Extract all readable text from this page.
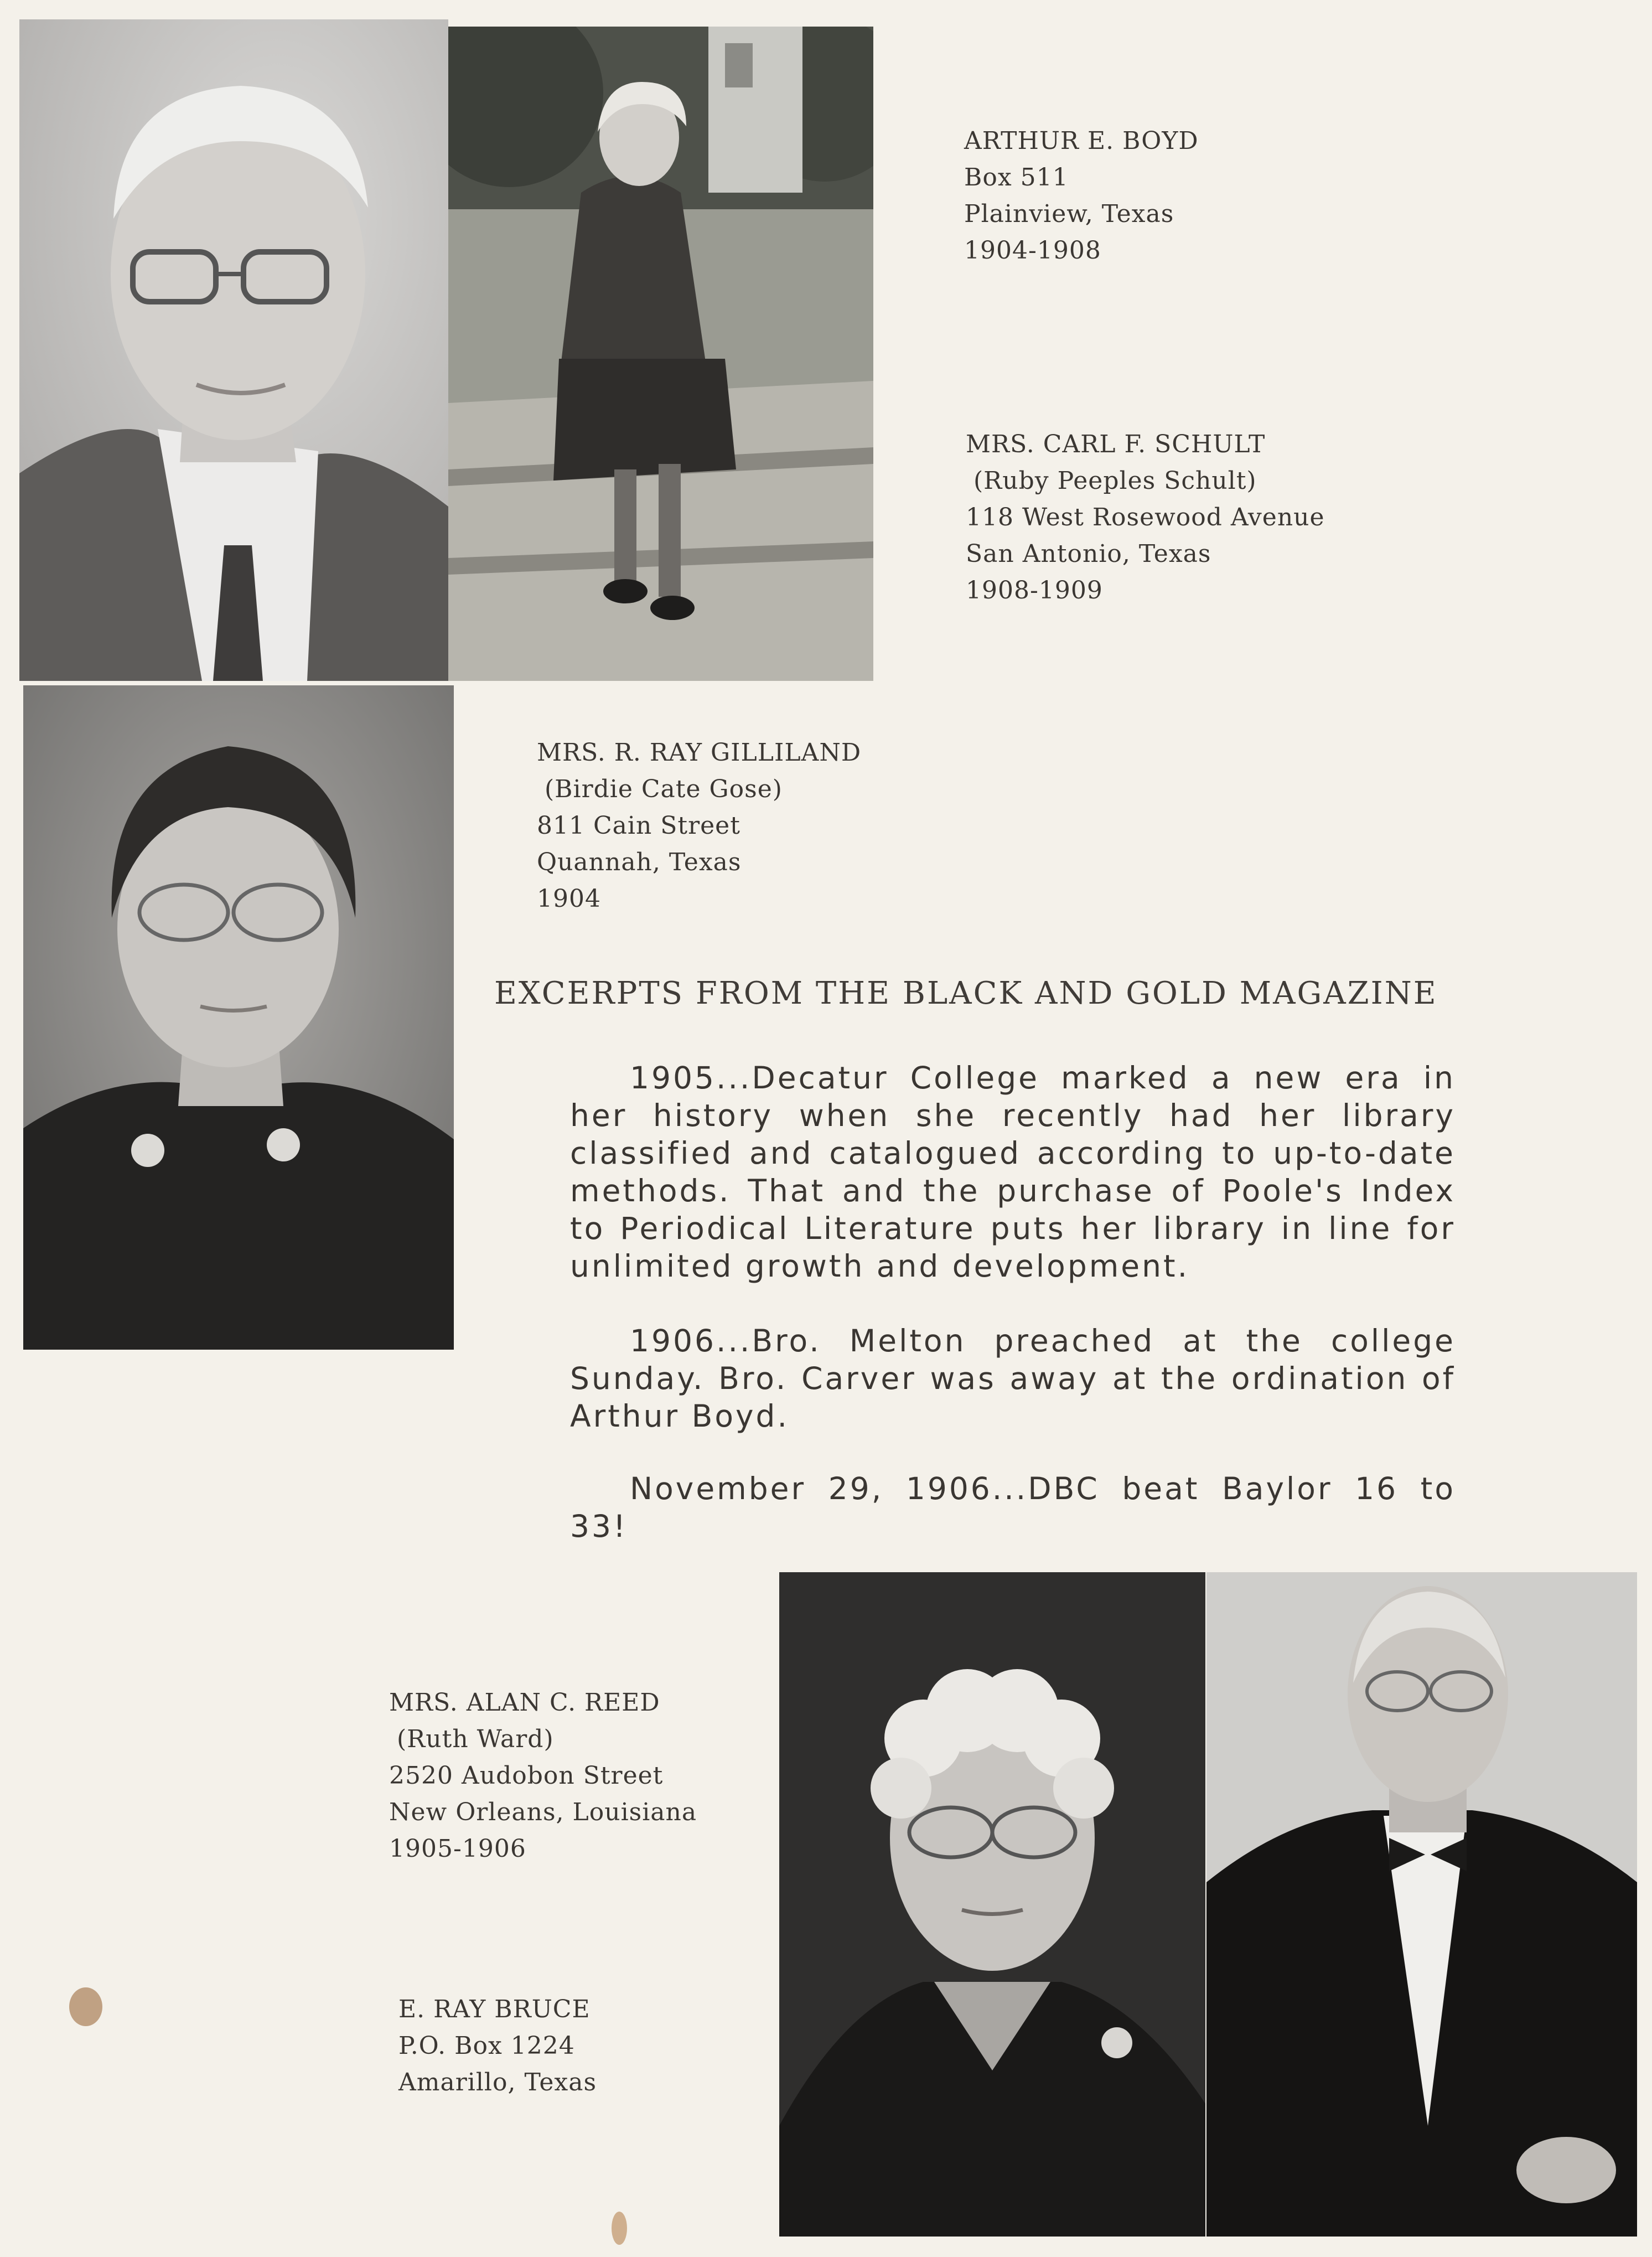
ARTHUR E. BOYD
Box 511
Plainview, Texas
1904-1908
MRS. CARL F. SCHULT
(Ruby Peeples Schult)
118 West Rosewood Avenue
San Antonio, Texas
1908-1909
MRS. R. RAY GILLILAND
(Birdie Cate Gose)
811 Cain Street
Quannah, Texas
1904
EXCERPTS FROM THE BLACK AND GOLD MAGAZINE

1905...Decatur College marked a new era in her history when she recently had her library classified and catalogued according to up-to-date methods. That and the purchase of Poole's Index to Periodical Literature puts her library in line for unlimited growth and development.

1906...Bro. Melton preached at the college Sunday. Bro. Carver was away at the ordination of Arthur Boyd.

November 29, 1906...DBC beat Baylor 16 to 33!

MRS. ALAN C. REED
(Ruth Ward)
2520 Audobon Street
New Orleans, Louisiana
1905-1906
E. RAY BRUCE
P.O. Box 1224
Amarillo, Texas
